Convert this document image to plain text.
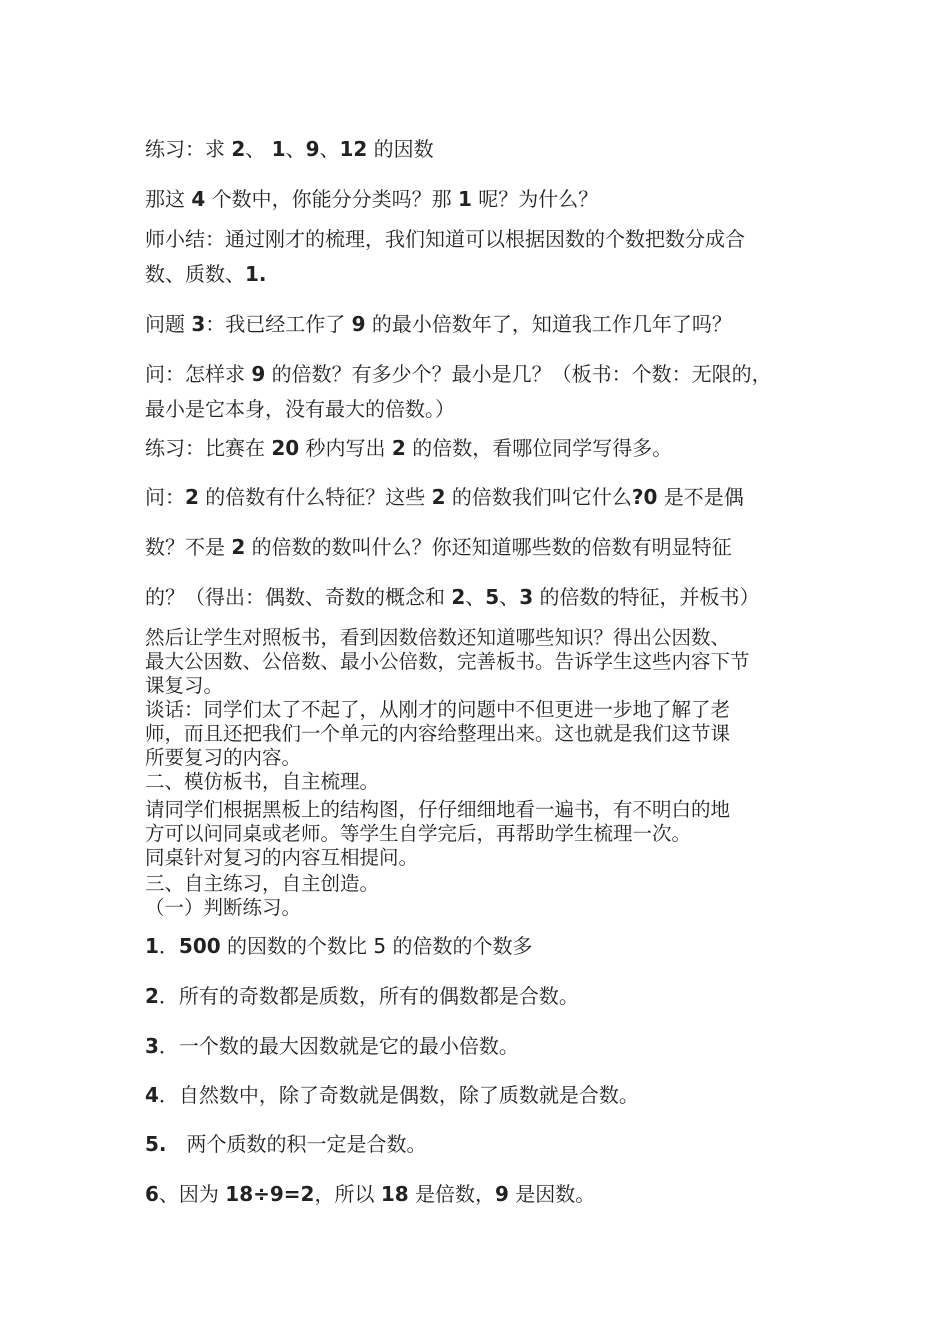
练习：求 2、 1、9、12 的因数
那这 4 个数中，你能分分类吗？那 1 呢？为什么？
师小结：通过刚才的梳理，我们知道可以根据因数的个数把数分成合
数、质数、1.
问题 3：我已经工作了 9 的最小倍数年了，知道我工作几年了吗？
问：怎样求 9 的倍数？有多少个？最小是几？（板书：个数：无限的，
最小是它本身，没有最大的倍数。）
练习：比赛在 20 秒内写出 2 的倍数，看哪位同学写得多。
问：2 的倍数有什么特征？这些 2 的倍数我们叫它什么?0 是不是偶
数？不是 2 的倍数的数叫什么？你还知道哪些数的倍数有明显特征
的？（得出：偶数、奇数的概念和 2、5、3 的倍数的特征，并板书）
然后让学生对照板书，看到因数倍数还知道哪些知识？得出公因数、
最大公因数、公倍数、最小公倍数，完善板书。告诉学生这些内容下节
课复习。
谈话：同学们太了不起了，从刚才的问题中不但更进一步地了解了老
师，而且还把我们一个单元的内容给整理出来。这也就是我们这节课
所要复习的内容。
二、模仿板书，自主梳理。
请同学们根据黑板上的结构图，仔仔细细地看一遍书，有不明白的地
方可以问同桌或老师。等学生自学完后，再帮助学生梳理一次。
同桌针对复习的内容互相提问。
三、自主练习，自主创造。
（一）判断练习。
1．500 的因数的个数比 5 的倍数的个数多
2．所有的奇数都是质数，所有的偶数都是合数。
3．一个数的最大因数就是它的最小倍数。
4．自然数中，除了奇数就是偶数，除了质数就是合数。
5.　两个质数的积一定是合数。
6、因为 18÷9=2，所以 18 是倍数，9 是因数。
